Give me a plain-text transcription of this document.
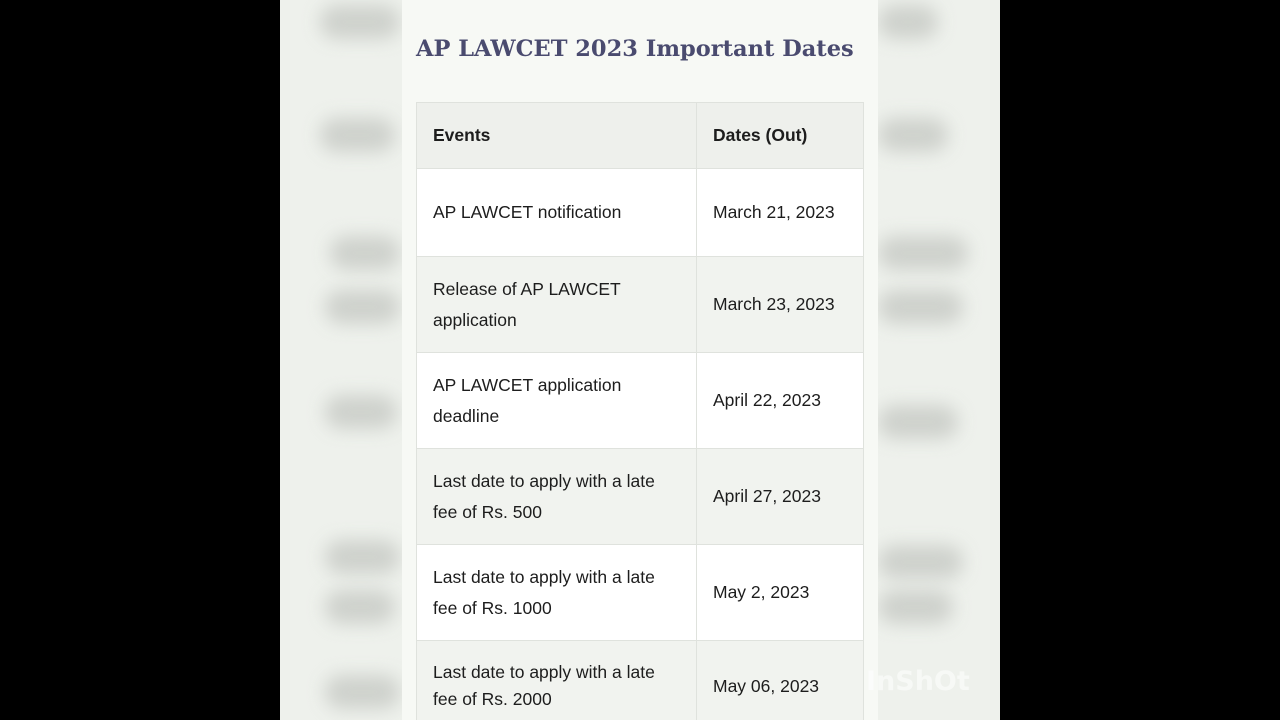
AP LAWCET 2023 Important Dates
Events	Dates (Out)
AP LAWCET notification	March 21, 2023
Release of AP LAWCET application	March 23, 2023
AP LAWCET application deadline	April 22, 2023
Last date to apply with a late fee of Rs. 500	April 27, 2023
Last date to apply with a late fee of Rs. 1000	May 2, 2023
Last date to apply with a late fee of Rs. 2000	May 06, 2023 InShOt
